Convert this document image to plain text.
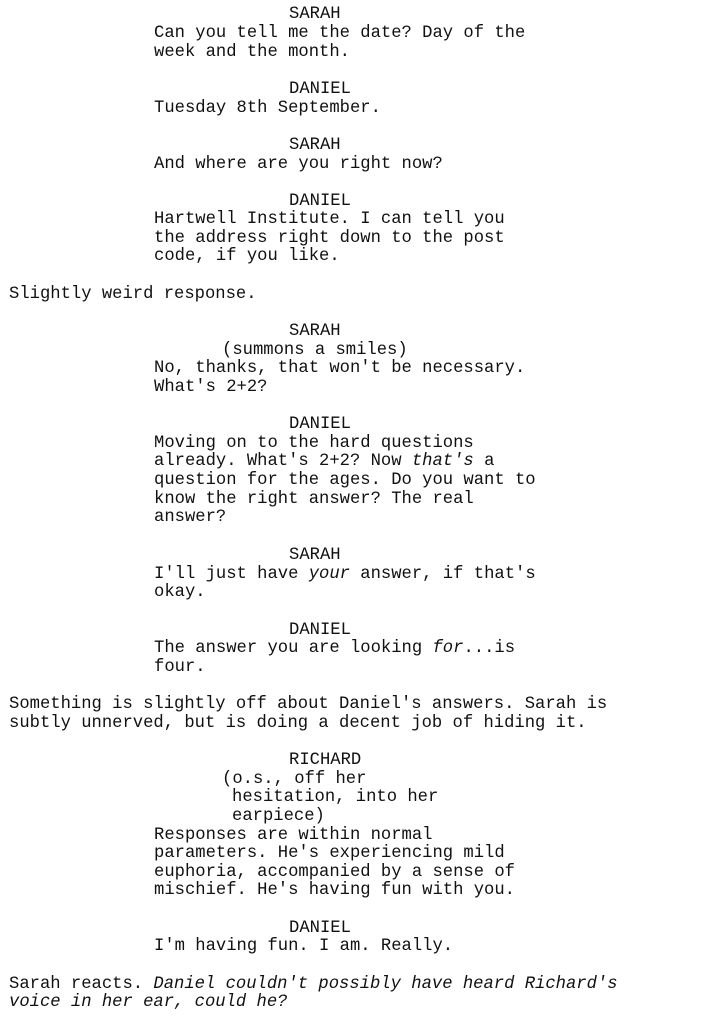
SARAH
Can you tell me the date? Day of the
week and the month.
DANIEL
Tuesday 8th September.
SARAH
And where are you right now?
DANIEL
Hartwell Institute. I can tell you
the address right down to the post
code, if you like.
Slightly weird response.
SARAH
(summons a smiles)
No, thanks, that won't be necessary.
What's 2+2?
DANIEL
Moving on to the hard questions
already. What's 2+2? Now that's a
question for the ages. Do you want to
know the right answer? The real
answer?
SARAH
I'll just have your answer, if that's
okay.
DANIEL
The answer you are looking for...is
four.
Something is slightly off about Daniel's answers. Sarah is
subtly unnerved, but is doing a decent job of hiding it.
RICHARD
(o.s., off her
hesitation, into her
earpiece)
Responses are within normal
parameters. He's experiencing mild
euphoria, accompanied by a sense of
mischief. He's having fun with you.
DANIEL
I'm having fun. I am. Really.
Sarah reacts. Daniel couldn't possibly have heard Richard's
voice in her ear, could he?
